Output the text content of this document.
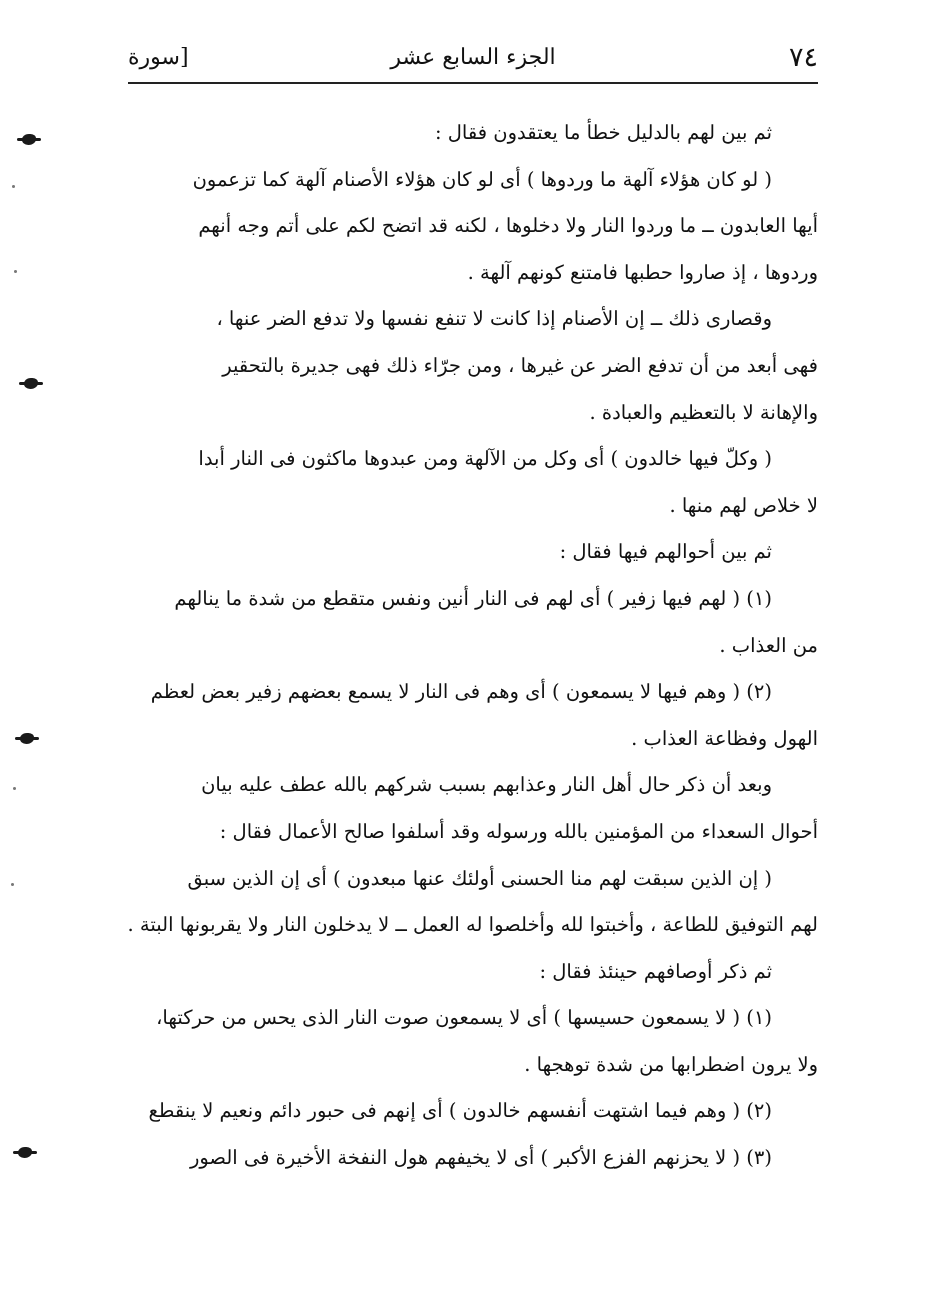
٧٤
الجزء السابع عشر
[سورة
ثم بين لهم بالدليل خطأ ما يعتقدون فقال :
( لو كان هؤلاء آلهة ما وردوها ) أى لو كان هؤلاء الأصنام آلهة كما تزعمون
أيها العابدون ــ ما وردوا النار ولا دخلوها ، لكنه قد اتضح لكم على أتم وجه أنهم
وردوها ، إذ صاروا حطبها فامتنع كونهم آلهة .
وقصارى ذلك ــ إن الأصنام إذا كانت لا تنفع نفسها ولا تدفع الضر عنها ،
فهى أبعد من أن تدفع الضر عن غيرها ، ومن جرّاء ذلك فهى جديرة بالتحقير
والإهانة لا بالتعظيم والعبادة .
( وكلّ فيها خالدون ) أى وكل من الآلهة ومن عبدوها ماكثون فى النار أبدا
لا خلاص لهم منها .
ثم بين أحوالهم فيها فقال :
(١) ( لهم فيها زفير ) أى لهم فى النار أنين ونفس متقطع من شدة ما ينالهم
من العذاب .
(٢) ( وهم فيها لا يسمعون ) أى وهم فى النار لا يسمع بعضهم زفير بعض لعظم
الهول وفظاعة العذاب .
وبعد أن ذكر حال أهل النار وعذابهم بسبب شركهم بالله عطف عليه بيان
أحوال السعداء من المؤمنين بالله ورسوله وقد أسلفوا صالح الأعمال فقال :
( إن الذين سبقت لهم منا الحسنى أولئك عنها مبعدون ) أى إن الذين سبق
لهم التوفيق للطاعة ، وأخبتوا لله وأخلصوا له العمل ــ لا يدخلون النار ولا يقربونها البتة .
ثم ذكر أوصافهم حينئذ فقال :
(١) ( لا يسمعون حسيسها ) أى لا يسمعون صوت النار الذى يحس من حركتها،
ولا يرون اضطرابها من شدة توهجها .
(٢) ( وهم فيما اشتهت أنفسهم خالدون ) أى إنهم فى حبور دائم ونعيم لا ينقطع
(٣) ( لا يحزنهم الفزع الأكبر ) أى لا يخيفهم هول النفخة الأخيرة فى الصور
